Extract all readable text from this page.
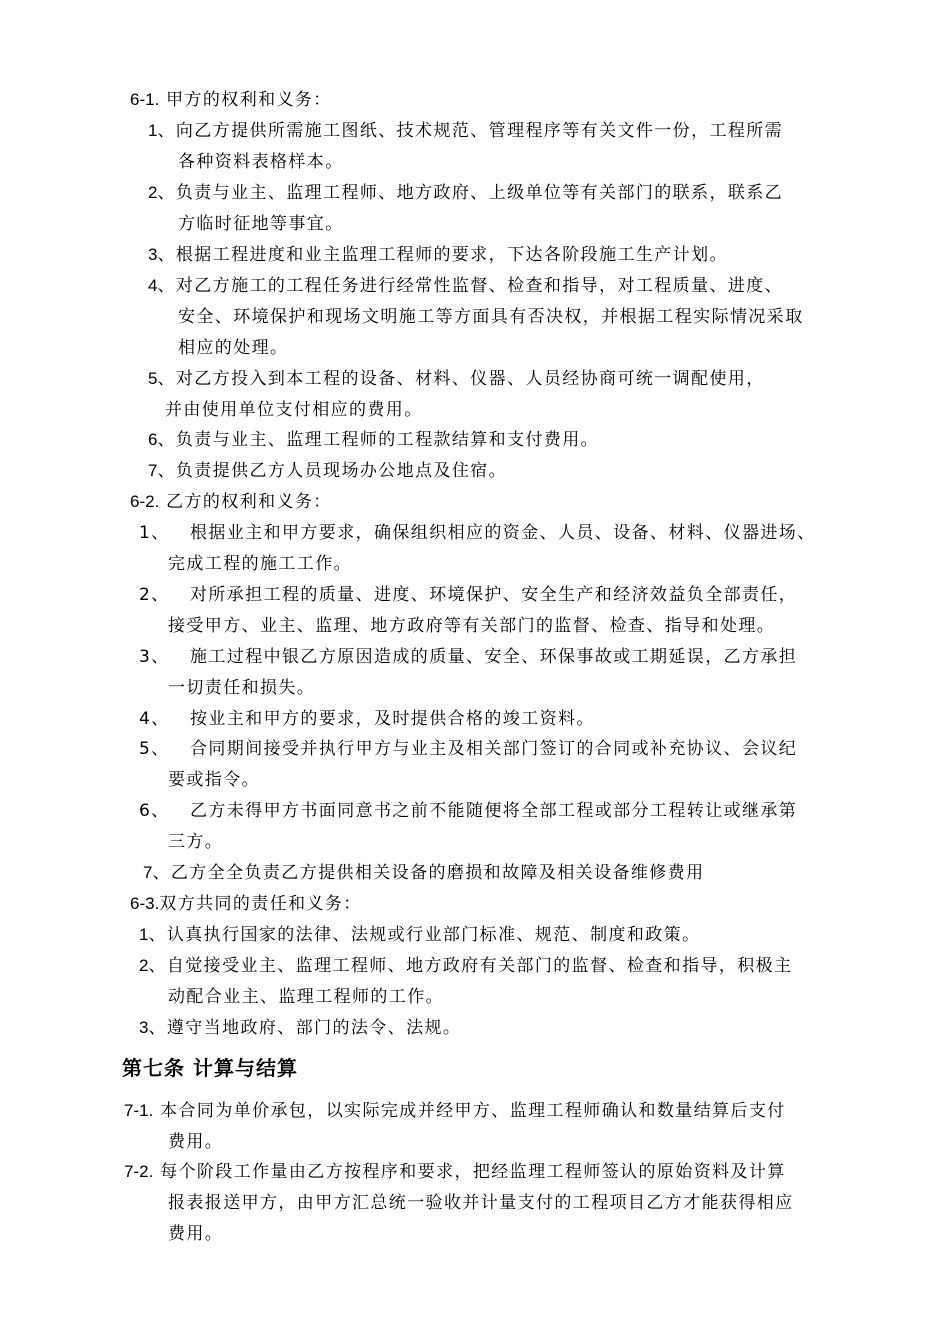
6-1. 甲方的权利和义务：
1、向乙方提供所需施工图纸、技术规范、管理程序等有关文件一份，工程所需
各种资料表格样本。
2、负责与业主、监理工程师、地方政府、上级单位等有关部门的联系，联系乙
方临时征地等事宜。
3、根据工程进度和业主监理工程师的要求，下达各阶段施工生产计划。
4、对乙方施工的工程任务进行经常性监督、检查和指导，对工程质量、进度、
安全、环境保护和现场文明施工等方面具有否决权，并根据工程实际情况采取
相应的处理。
5、对乙方投入到本工程的设备、材料、仪器、人员经协商可统一调配使用，
并由使用单位支付相应的费用。
6、负责与业主、监理工程师的工程款结算和支付费用。
7、负责提供乙方人员现场办公地点及住宿。
6-2. 乙方的权利和义务：
1、 根据业主和甲方要求，确保组织相应的资金、人员、设备、材料、仪器进场、
完成工程的施工工作。
2、 对所承担工程的质量、进度、环境保护、安全生产和经济效益负全部责任，
接受甲方、业主、监理、地方政府等有关部门的监督、检查、指导和处理。
3、 施工过程中银乙方原因造成的质量、安全、环保事故或工期延误，乙方承担
一切责任和损失。
4、 按业主和甲方的要求，及时提供合格的竣工资料。
5、 合同期间接受并执行甲方与业主及相关部门签订的合同或补充协议、会议纪
要或指令。
6、 乙方未得甲方书面同意书之前不能随便将全部工程或部分工程转让或继承第
三方。
7、乙方全全负责乙方提供相关设备的磨损和故障及相关设备维修费用
6-3.双方共同的责任和义务：
1、认真执行国家的法律、法规或行业部门标准、规范、制度和政策。
2、自觉接受业主、监理工程师、地方政府有关部门的监督、检查和指导，积极主
动配合业主、监理工程师的工作。
3、遵守当地政府、部门的法令、法规。
第七条 计算与结算
7-1. 本合同为单价承包，以实际完成并经甲方、监理工程师确认和数量结算后支付
费用。
7-2. 每个阶段工作量由乙方按程序和要求，把经监理工程师签认的原始资料及计算
报表报送甲方，由甲方汇总统一验收并计量支付的工程项目乙方才能获得相应
费用。
